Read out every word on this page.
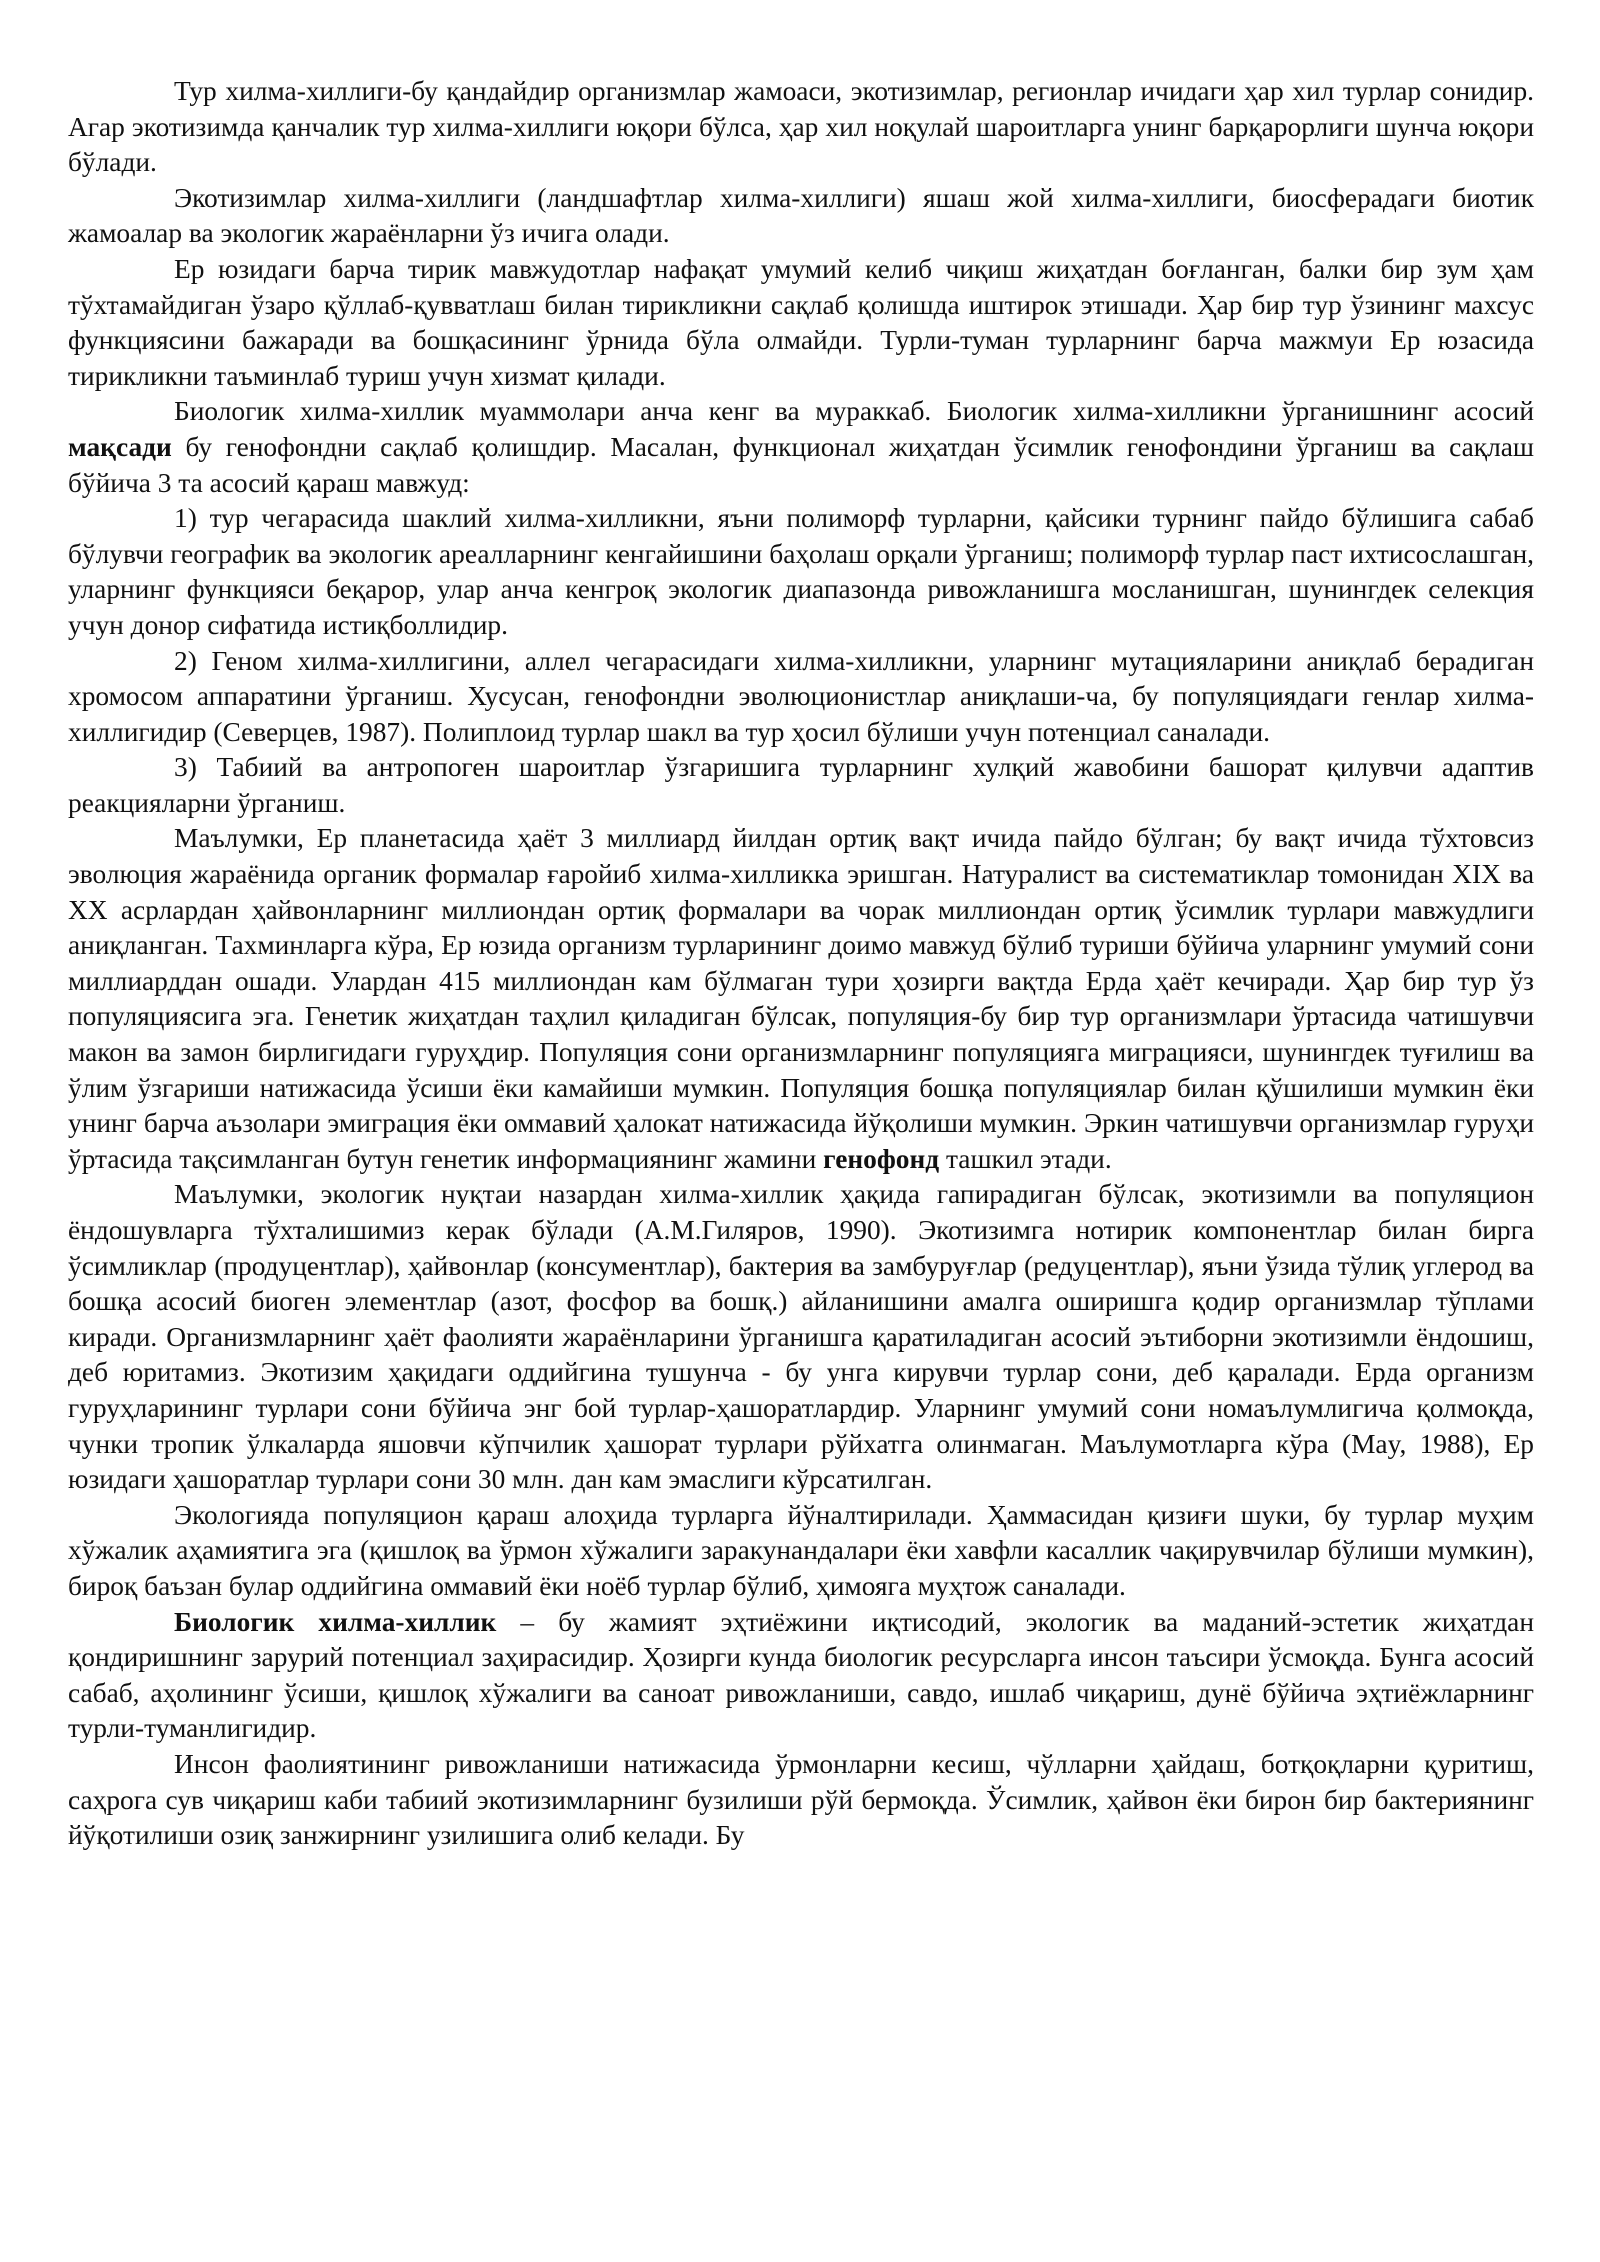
Тур хилма-хиллиги-бу қандайдир организмлар жамоаси, экотизимлар, регионлар ичидаги ҳар хил турлар сонидир. Агар экотизимда қанчалик тур хилма-хиллиги юқори бўлса, ҳар хил ноқулай шароитларга унинг барқарорлиги шунча юқори бўлади.

Экотизимлар хилма-хиллиги (ландшафтлар хилма-хиллиги) яшаш жой хилма-хиллиги, биосферадаги биотик жамоалар ва экологик жараёнларни ўз ичига олади.

Ер юзидаги барча тирик мавжудотлар нафақат умумий келиб чиқиш жиҳатдан боғланган, балки бир зум ҳам тўхтамайдиган ўзаро қўллаб-қувватлаш билан тирикликни сақлаб қолишда иштирок этишади. Ҳар бир тур ўзининг махсус функциясини бажаради ва бошқасининг ўрнида бўла олмайди. Турли-туман турларнинг барча мажмуи Ер юзасида тирикликни таъминлаб туриш учун хизмат қилади.

Биологик хилма-хиллик муаммолари анча кенг ва мураккаб. Биологик хилма-хилликни ўрганишнинг асосий мақсади бу генофондни сақлаб қолишдир. Масалан, функционал жиҳатдан ўсимлик генофондини ўрганиш ва сақлаш бўйича 3 та асосий қараш мавжуд:

1) тур чегарасида шаклий хилма-хилликни, яъни полиморф турларни, қайсики турнинг пайдо бўлишига сабаб бўлувчи географик ва экологик ареалларнинг кенгайишини баҳолаш орқали ўрганиш; полиморф турлар паст ихтисослашган, уларнинг функцияси беқарор, улар анча кенгроқ экологик диапазонда ривожланишга мосланишган, шунингдек селекция учун донор сифатида истиқболлидир.

2) Геном хилма-хиллигини, аллел чегарасидаги хилма-хилликни, уларнинг мутацияларини аниқлаб берадиган хромосом аппаратини ўрганиш. Хусусан, генофондни эволюционистлар аниқлаши-ча, бу популяциядаги генлар хилма-хиллигидир (Северцев, 1987). Полиплоид турлар шакл ва тур ҳосил бўлиши учун потенциал саналади.

3) Табиий ва антропоген шароитлар ўзгаришига турларнинг хулқий жавобини башорат қилувчи адаптив реакцияларни ўрганиш.

Маълумки, Ер планетасида ҳаёт 3 миллиард йилдан ортиқ вақт ичида пайдо бўлган; бу вақт ичида тўхтовсиз эволюция жараёнида органик формалар ғаройиб хилма-хилликка эришган. Натуралист ва систематиклар томонидан XIX ва XX асрлардан ҳайвонларнинг миллиондан ортиқ формалари ва чорак миллиондан ортиқ ўсимлик турлари мавжудлиги аниқланган. Тахминларга кўра, Ер юзида организм турларининг доимо мавжуд бўлиб туриши бўйича уларнинг умумий сони миллиарддан ошади. Улардан 415 миллиондан кам бўлмаган тури ҳозирги вақтда Ерда ҳаёт кечиради. Ҳар бир тур ўз популяциясига эга. Генетик жиҳатдан таҳлил қиладиган бўлсак, популяция-бу бир тур организмлари ўртасида чатишувчи макон ва замон бирлигидаги гуруҳдир. Популяция сони организмларнинг популяцияга миграцияси, шунингдек туғилиш ва ўлим ўзгариши натижасида ўсиши ёки камайиши мумкин. Популяция бошқа популяциялар билан қўшилиши мумкин ёки унинг барча аъзолари эмиграция ёки оммавий ҳалокат натижасида йўқолиши мумкин. Эркин чатишувчи организмлар гуруҳи ўртасида тақсимланган бутун генетик информациянинг жамини генофонд ташкил этади.

Маълумки, экологик нуқтаи назардан хилма-хиллик ҳақида гапирадиган бўлсак, экотизимли ва популяцион ёндошувларга тўхталишимиз керак бўлади (А.М.Гиляров, 1990). Экотизимга нотирик компонентлар билан бирга ўсимликлар (продуцентлар), ҳайвонлар (консументлар), бактерия ва замбуруғлар (редуцентлар), яъни ўзида тўлиқ углерод ва бошқа асосий биоген элементлар (азот, фосфор ва бошқ.) айланишини амалга оширишга қодир организмлар тўплами киради. Организмларнинг ҳаёт фаолияти жараёнларини ўрганишга қаратиладиган асосий эътиборни экотизимли ёндошиш, деб юритамиз. Экотизим ҳақидаги оддийгина тушунча - бу унга кирувчи турлар сони, деб қаралади. Ерда организм гуруҳларининг турлари сони бўйича энг бой турлар-ҳашоратлардир. Уларнинг умумий сони номаълумлигича қолмоқда, чунки тропик ўлкаларда яшовчи кўпчилик ҳашорат турлари рўйхатга олинмаган. Маълумотларга кўра (May, 1988), Ер юзидаги ҳашоратлар турлари сони 30 млн. дан кам эмаслиги кўрсатилган.

Экологияда популяцион қараш алоҳида турларга йўналтирилади. Ҳаммасидан қизиғи шуки, бу турлар муҳим хўжалик аҳамиятига эга (қишлоқ ва ўрмон хўжалиги заракунандалари ёки хавфли касаллик чақирувчилар бўлиши мумкин), бироқ баъзан булар оддийгина оммавий ёки ноёб турлар бўлиб, ҳимояга муҳтож саналади.

Биологик хилма-хиллик – бу жамият эҳтиёжини иқтисодий, экологик ва маданий-эстетик жиҳатдан қондиришнинг зарурий потенциал заҳирасидир. Ҳозирги кунда биологик ресурсларга инсон таъсири ўсмоқда. Бунга асосий сабаб, аҳолининг ўсиши, қишлоқ хўжалиги ва саноат ривожланиши, савдо, ишлаб чиқариш, дунё бўйича эҳтиёжларнинг турли-туманлигидир.

Инсон фаолиятининг ривожланиши натижасида ўрмонларни кесиш, чўлларни ҳайдаш, ботқоқларни қуритиш, саҳрога сув чиқариш каби табиий экотизимларнинг бузилиши рўй бермоқда. Ўсимлик, ҳайвон ёки бирон бир бактериянинг йўқотилиши озиқ занжирнинг узилишига олиб келади. Бу
